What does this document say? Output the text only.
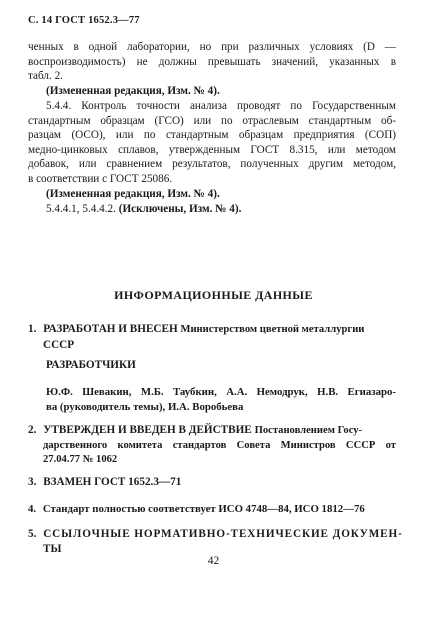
С. 14 ГОСТ 1652.3—77
ченных в одной лаборатории, но при различных условиях (D —
воспроизводимость) не должны превышать значений, указанных в
табл. 2.
(Измененная редакция, Изм. № 4).
5.4.4. Контроль точности анализа проводят по Государственным
стандартным образцам (ГСО) или по отраслевым стандартным об-
разцам (ОСО), или по стандартным образцам предприятия (СОП)
медно-цинковых сплавов, утвержденным ГОСТ 8.315, или методом
добавок, или сравнением результатов, полученных другим методом,
в соответствии с ГОСТ 25086.
(Измененная редакция, Изм. № 4).
5.4.4.1, 5.4.4.2. (Исключены, Изм. № 4).
ИНФОРМАЦИОННЫЕ ДАННЫЕ
1. РАЗРАБОТАН И ВНЕСЕН Министерством цветной металлургии
СССР
РАЗРАБОТЧИКИ
Ю.Ф. Шевакин, М.Б. Таубкин, А.А. Немодрук, Н.В. Егиазаро-
ва (руководитель темы), И.А. Воробьева
2. УТВЕРЖДЕН И ВВЕДЕН В ДЕЙСТВИЕ Постановлением Госу-
дарственного комитета стандартов Совета Министров СССР от
27.04.77 № 1062
3. ВЗАМЕН ГОСТ 1652.3—71
4. Стандарт полностью соответствует ИСО 4748—84, ИСО 1812—76
5. ССЫЛОЧНЫЕ НОРМАТИВНО-ТЕХНИЧЕСКИЕ ДОКУМЕН-
ТЫ
42
